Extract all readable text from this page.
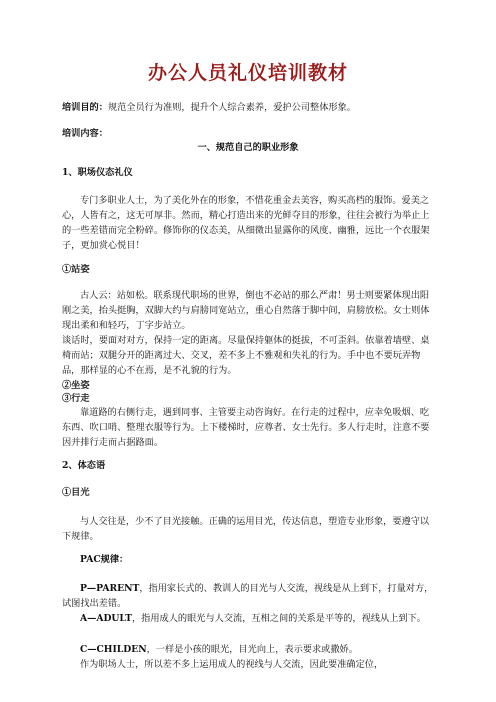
办公人员礼仪培训教材
培训目的：规范全员行为准则，提升个人综合素养，爱护公司整体形象。
培训内容：
一、规范自己的职业形象
1、职场仪态礼仪
专门多职业人士，为了美化外在的形象，不惜花重金去美容，购买高档的服饰。爱美之心，人皆有之，这无可厚非。然而，精心打造出来的光鲜夺目的形象，往往会被行为举止上的一些差错而完全粉碎。修饰你的仪态美，从细微出显露你的风度、幽雅，远比一个衣服架子，更加赏心悦目！
①站姿
古人云：站如松。联系现代职场的世界，倒也不必站的那么严肃！男士则要紧体现出阳刚之美，抬头挺胸，双脚大约与肩膀同宽站立，重心自然落于脚中间，肩膀放松。女士则体现出柔和和轻巧，丁字步站立。
谈话时，要面对对方，保持一定的距离。尽量保持躯体的挺拔，不可歪斜。依靠着墙壁、桌椅而站；双腿分开的距离过大、交叉，差不多上不雅观和失礼的行为。手中也不要玩弄物品，那样显的心不在焉，是不礼貌的行为。
②坐姿
③行走
靠道路的右侧行走，遇到同事、主管要主动咨询好。在行走的过程中，应幸免吸烟、吃东西、吹口哨、整理衣服等行为。上下楼梯时，应尊者、女士先行。多人行走时，注意不要因并排行走而占据路面。
2、体态语
①目光
与人交往是，少不了目光接触。正确的运用目光，传达信息，塑造专业形象，要遵守以下规律。
PAC规律：
P—PARENT，指用家长式的、教训人的目光与人交流，视线是从上到下，打量对方，试图找出差错。
A—ADULT，指用成人的眼光与人交流，互相之间的关系是平等的，视线从上到下。
C—CHILDEN，一样是小孩的眼光，目光向上，表示要求或撒娇。
作为职场人士，所以差不多上运用成人的视线与人交流，因此要准确定位，
